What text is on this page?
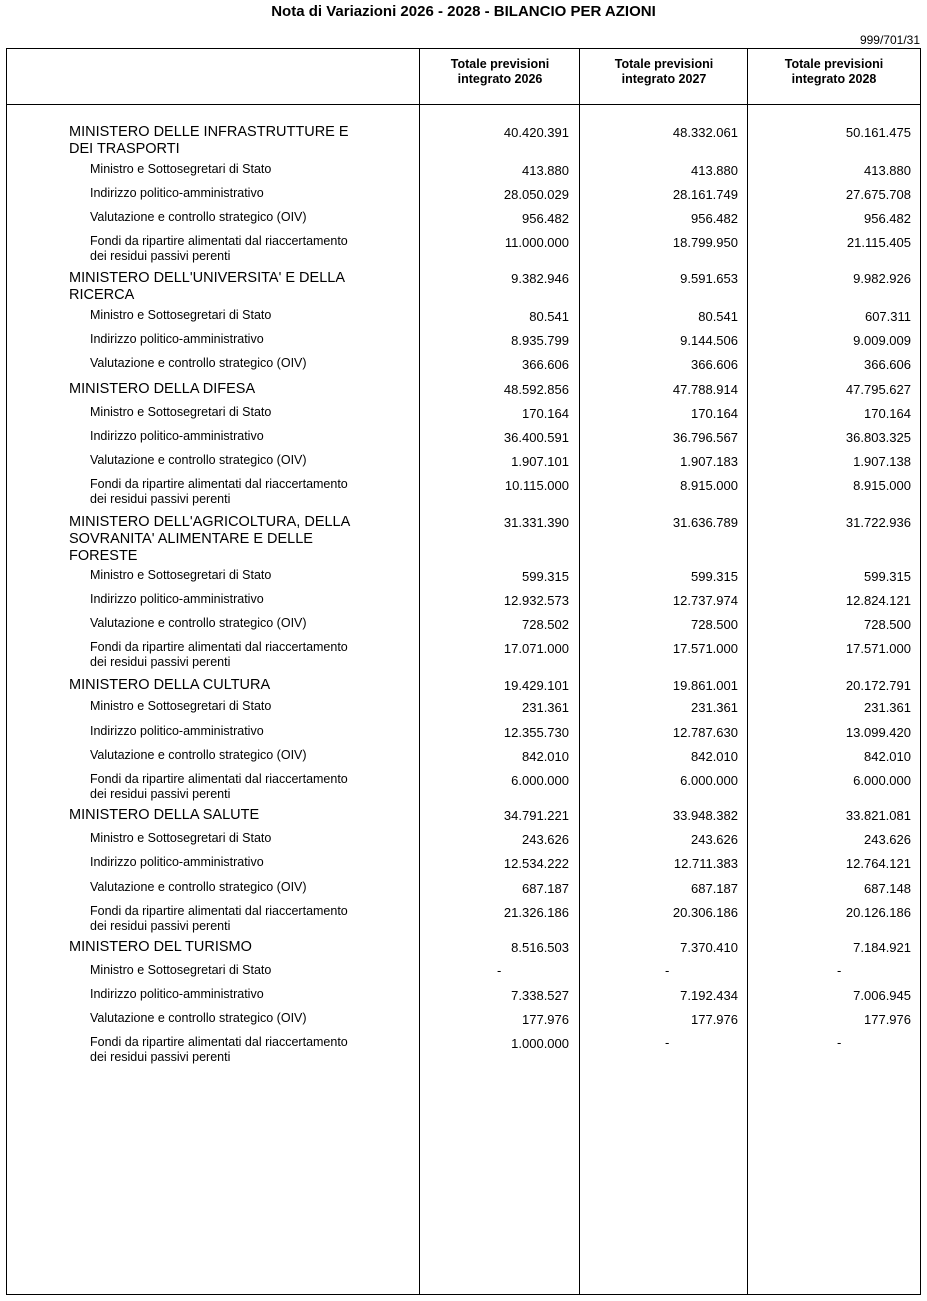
Nota di Variazioni 2026 - 2028 - BILANCIO PER AZIONI
999/701/31
Totale previsioni
integrato 2026
Totale previsioni
integrato 2027
Totale previsioni
integrato 2028
MINISTERO DELLE INFRASTRUTTURE E
DEI TRASPORTI
40.420.391	48.332.061	50.161.475
Ministro e Sottosegretari di Stato	413.880	413.880	413.880
Indirizzo politico-amministrativo	28.050.029	28.161.749	27.675.708
Valutazione e controllo strategico (OIV)	956.482	956.482	956.482
Fondi da ripartire alimentati dal riaccertamento
dei residui passivi perenti
11.000.000	18.799.950	21.115.405
MINISTERO DELL'UNIVERSITA' E DELLA
RICERCA
9.382.946	9.591.653	9.982.926
Ministro e Sottosegretari di Stato	80.541	80.541	607.311
Indirizzo politico-amministrativo	8.935.799	9.144.506	9.009.009
Valutazione e controllo strategico (OIV)	366.606	366.606	366.606
MINISTERO DELLA DIFESA	48.592.856	47.788.914	47.795.627
Ministro e Sottosegretari di Stato	170.164	170.164	170.164
Indirizzo politico-amministrativo	36.400.591	36.796.567	36.803.325
Valutazione e controllo strategico (OIV)	1.907.101	1.907.183	1.907.138
Fondi da ripartire alimentati dal riaccertamento
dei residui passivi perenti
10.115.000	8.915.000	8.915.000
MINISTERO DELL'AGRICOLTURA, DELLA
SOVRANITA' ALIMENTARE E DELLE
FORESTE
31.331.390	31.636.789	31.722.936
Ministro e Sottosegretari di Stato	599.315	599.315	599.315
Indirizzo politico-amministrativo	12.932.573	12.737.974	12.824.121
Valutazione e controllo strategico (OIV)	728.502	728.500	728.500
Fondi da ripartire alimentati dal riaccertamento
dei residui passivi perenti
17.071.000	17.571.000	17.571.000
MINISTERO DELLA CULTURA	19.429.101	19.861.001	20.172.791
Ministro e Sottosegretari di Stato	231.361	231.361	231.361
Indirizzo politico-amministrativo	12.355.730	12.787.630	13.099.420
Valutazione e controllo strategico (OIV)	842.010	842.010	842.010
Fondi da ripartire alimentati dal riaccertamento
dei residui passivi perenti
6.000.000	6.000.000	6.000.000
MINISTERO DELLA SALUTE	34.791.221	33.948.382	33.821.081
Ministro e Sottosegretari di Stato	243.626	243.626	243.626
Indirizzo politico-amministrativo	12.534.222	12.711.383	12.764.121
Valutazione e controllo strategico (OIV)	687.187	687.187	687.148
Fondi da ripartire alimentati dal riaccertamento
dei residui passivi perenti
21.326.186	20.306.186	20.126.186
MINISTERO DEL TURISMO	8.516.503	7.370.410	7.184.921
Ministro e Sottosegretari di Stato	-	-	-
Indirizzo politico-amministrativo	7.338.527	7.192.434	7.006.945
Valutazione e controllo strategico (OIV)	177.976	177.976	177.976
Fondi da ripartire alimentati dal riaccertamento
dei residui passivi perenti
1.000.000	-	-
